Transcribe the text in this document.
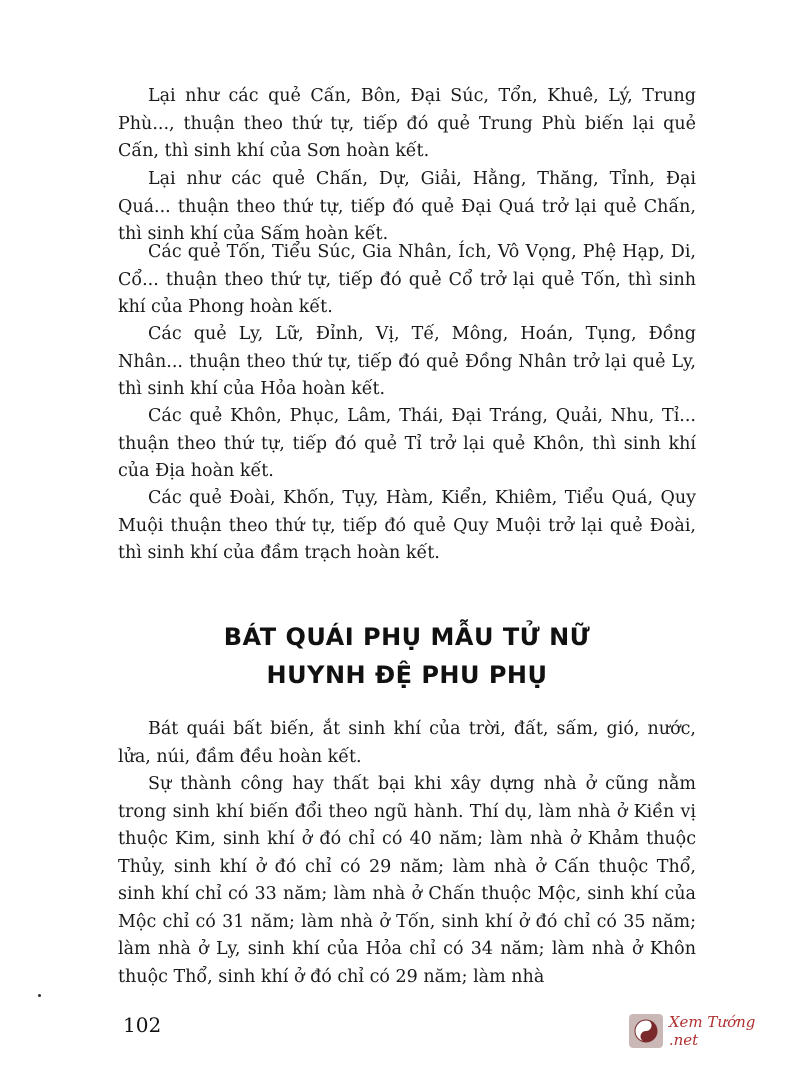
Lại như các quẻ Cấn, Bôn, Đại Súc, Tổn, Khuê, Lý, Trung Phù..., thuận theo thứ tự, tiếp đó quẻ Trung Phù biến lại quẻ Cấn, thì sinh khí của Sơn hoàn kết.

Lại như các quẻ Chấn, Dự, Giải, Hằng, Thăng, Tỉnh, Đại Quá... thuận theo thứ tự, tiếp đó quẻ Đại Quá trở lại quẻ Chấn, thì sinh khí của Sấm hoàn kết.

Các quẻ Tốn, Tiểu Súc, Gia Nhân, Ích, Vô Vọng, Phệ Hạp, Di, Cổ... thuận theo thứ tự, tiếp đó quẻ Cổ trở lại quẻ Tốn, thì sinh khí của Phong hoàn kết.

Các quẻ Ly, Lữ, Đỉnh, Vị, Tế, Mông, Hoán, Tụng, Đồng Nhân... thuận theo thứ tự, tiếp đó quẻ Đồng Nhân trở lại quẻ Ly, thì sinh khí của Hỏa hoàn kết.

Các quẻ Khôn, Phục, Lâm, Thái, Đại Tráng, Quải, Nhu, Tỉ... thuận theo thứ tự, tiếp đó quẻ Tỉ trở lại quẻ Khôn, thì sinh khí của Địa hoàn kết.

Các quẻ Đoài, Khốn, Tụy, Hàm, Kiển, Khiêm, Tiểu Quá, Quy Muội thuận theo thứ tự, tiếp đó quẻ Quy Muội trở lại quẻ Đoài, thì sinh khí của đầm trạch hoàn kết.

BÁT QUÁI PHỤ MẪU TỬ NỮ
HUYNH ĐỆ PHU PHỤ

Bát quái bất biến, ắt sinh khí của trời, đất, sấm, gió, nước, lửa, núi, đầm đều hoàn kết.

Sự thành công hay thất bại khi xây dựng nhà ở cũng nằm trong sinh khí biến đổi theo ngũ hành. Thí dụ, làm nhà ở Kiền vị thuộc Kim, sinh khí ở đó chỉ có 40 năm; làm nhà ở Khảm thuộc Thủy, sinh khí ở đó chỉ có 29 năm; làm nhà ở Cấn thuộc Thổ, sinh khí chỉ có 33 năm; làm nhà ở Chấn thuộc Mộc, sinh khí của Mộc chỉ có 31 năm; làm nhà ở Tốn, sinh khí ở đó chỉ có 35 năm; làm nhà ở Ly, sinh khí của Hỏa chỉ có 34 năm; làm nhà ở Khôn thuộc Thổ, sinh khí ở đó chỉ có 29 năm; làm nhà

102	Xem Tướng .net
